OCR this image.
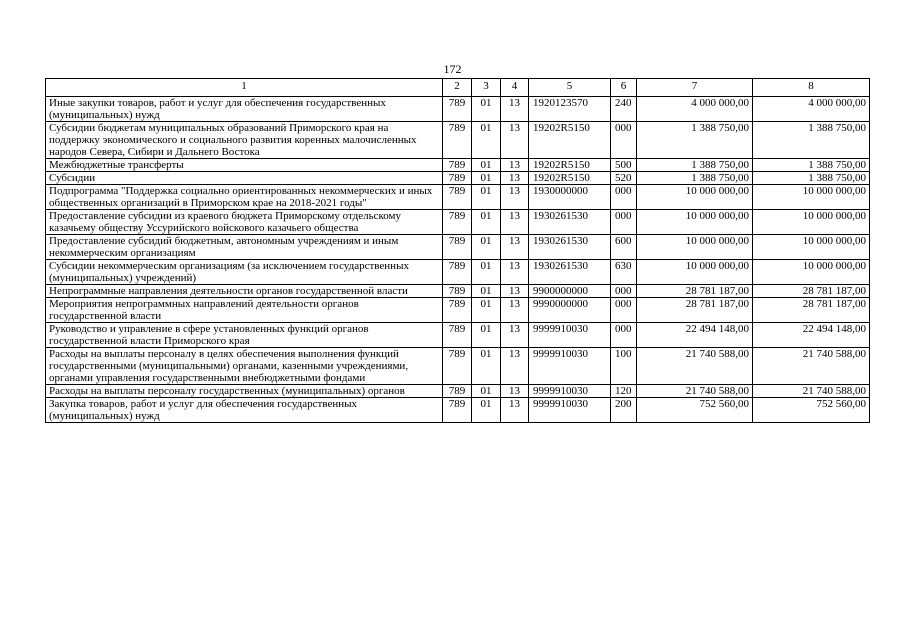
172
1	2	3	4	5	6	7	8
Иные закупки товаров, работ и услуг для обеспечения государственных (муниципальных) нужд	789	01	13	1920123570	240	4 000 000,00	4 000 000,00
Субсидии бюджетам муниципальных образований Приморского края на поддержку экономического и социального развития коренных малочисленных народов Севера, Сибири и Дальнего Востока	789	01	13	19202R5150	000	1 388 750,00	1 388 750,00
Межбюджетные трансферты	789	01	13	19202R5150	500	1 388 750,00	1 388 750,00
Субсидии	789	01	13	19202R5150	520	1 388 750,00	1 388 750,00
Подпрограмма "Поддержка социально ориентированных некоммерческих и иных общественных организаций в Приморском крае на 2018-2021 годы"	789	01	13	1930000000	000	10 000 000,00	10 000 000,00
Предоставление субсидии из краевого бюджета Приморскому отдельскому казачьему обществу Уссурийского войскового казачьего общества	789	01	13	1930261530	000	10 000 000,00	10 000 000,00
Предоставление субсидий бюджетным, автономным учреждениям и иным некоммерческим организациям	789	01	13	1930261530	600	10 000 000,00	10 000 000,00
Субсидии некоммерческим организациям (за исключением государственных (муниципальных) учреждений)	789	01	13	1930261530	630	10 000 000,00	10 000 000,00
Непрограммные направления деятельности органов государственной власти	789	01	13	9900000000	000	28 781 187,00	28 781 187,00
Мероприятия непрограммных направлений деятельности органов государственной власти	789	01	13	9990000000	000	28 781 187,00	28 781 187,00
Руководство и управление в сфере установленных функций органов государственной власти Приморского края	789	01	13	9999910030	000	22 494 148,00	22 494 148,00
Расходы на выплаты персоналу в целях обеспечения выполнения функций государственными (муниципальными) органами, казенными учреждениями, органами управления государственными внебюджетными фондами	789	01	13	9999910030	100	21 740 588,00	21 740 588,00
Расходы на выплаты персоналу государственных (муниципальных) органов	789	01	13	9999910030	120	21 740 588,00	21 740 588,00
Закупка товаров, работ и услуг для обеспечения государственных (муниципальных) нужд	789	01	13	9999910030	200	752 560,00	752 560,00
